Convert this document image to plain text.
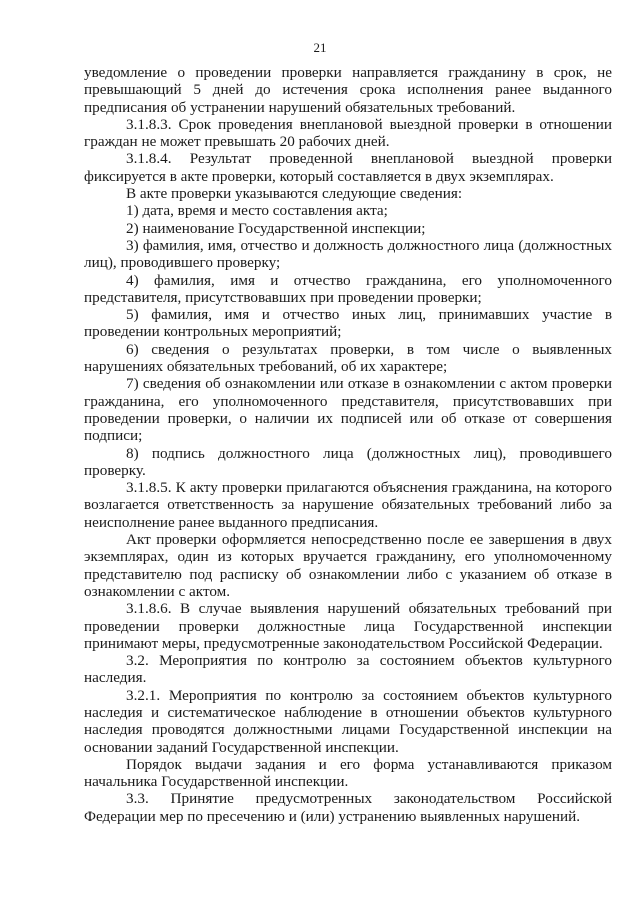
21

уведомление о проведении проверки направляется гражданину в срок, не превышающий 5 дней до истечения срока исполнения ранее выданного предписания об устранении нарушений обязательных требований.

3.1.8.3. Срок проведения внеплановой выездной проверки в отношении граждан не может превышать 20 рабочих дней.

3.1.8.4. Результат проведенной внеплановой выездной проверки фиксируется в акте проверки, который составляется в двух экземплярах.

В акте проверки указываются следующие сведения:

1) дата, время и место составления акта;

2) наименование Государственной инспекции;

3) фамилия, имя, отчество и должность должностного лица (должностных лиц), проводившего проверку;

4) фамилия, имя и отчество гражданина, его уполномоченного представителя, присутствовавших при проведении проверки;

5) фамилия, имя и отчество иных лиц, принимавших участие в проведении контрольных мероприятий;

6) сведения о результатах проверки, в том числе о выявленных нарушениях обязательных требований, об их характере;

7) сведения об ознакомлении или отказе в ознакомлении с актом проверки гражданина, его уполномоченного представителя, присутствовавших при проведении проверки, о наличии их подписей или об отказе от совершения подписи;

8) подпись должностного лица (должностных лиц), проводившего проверку.

3.1.8.5. К акту проверки прилагаются объяснения гражданина, на которого возлагается ответственность за нарушение обязательных требований либо за неисполнение ранее выданного предписания.

Акт проверки оформляется непосредственно после ее завершения в двух экземплярах, один из которых вручается гражданину, его уполномоченному представителю под расписку об ознакомлении либо с указанием об отказе в ознакомлении с актом.

3.1.8.6. В случае выявления нарушений обязательных требований при проведении проверки должностные лица Государственной инспекции принимают меры, предусмотренные законодательством Российской Федерации.

3.2. Мероприятия по контролю за состоянием объектов культурного наследия.

3.2.1. Мероприятия по контролю за состоянием объектов культурного наследия и систематическое наблюдение в отношении объектов культурного наследия проводятся должностными лицами Государственной инспекции на основании заданий Государственной инспекции.

Порядок выдачи задания и его форма устанавливаются приказом начальника Государственной инспекции.

3.3. Принятие предусмотренных законодательством Российской Федерации мер по пресечению и (или) устранению выявленных нарушений.
